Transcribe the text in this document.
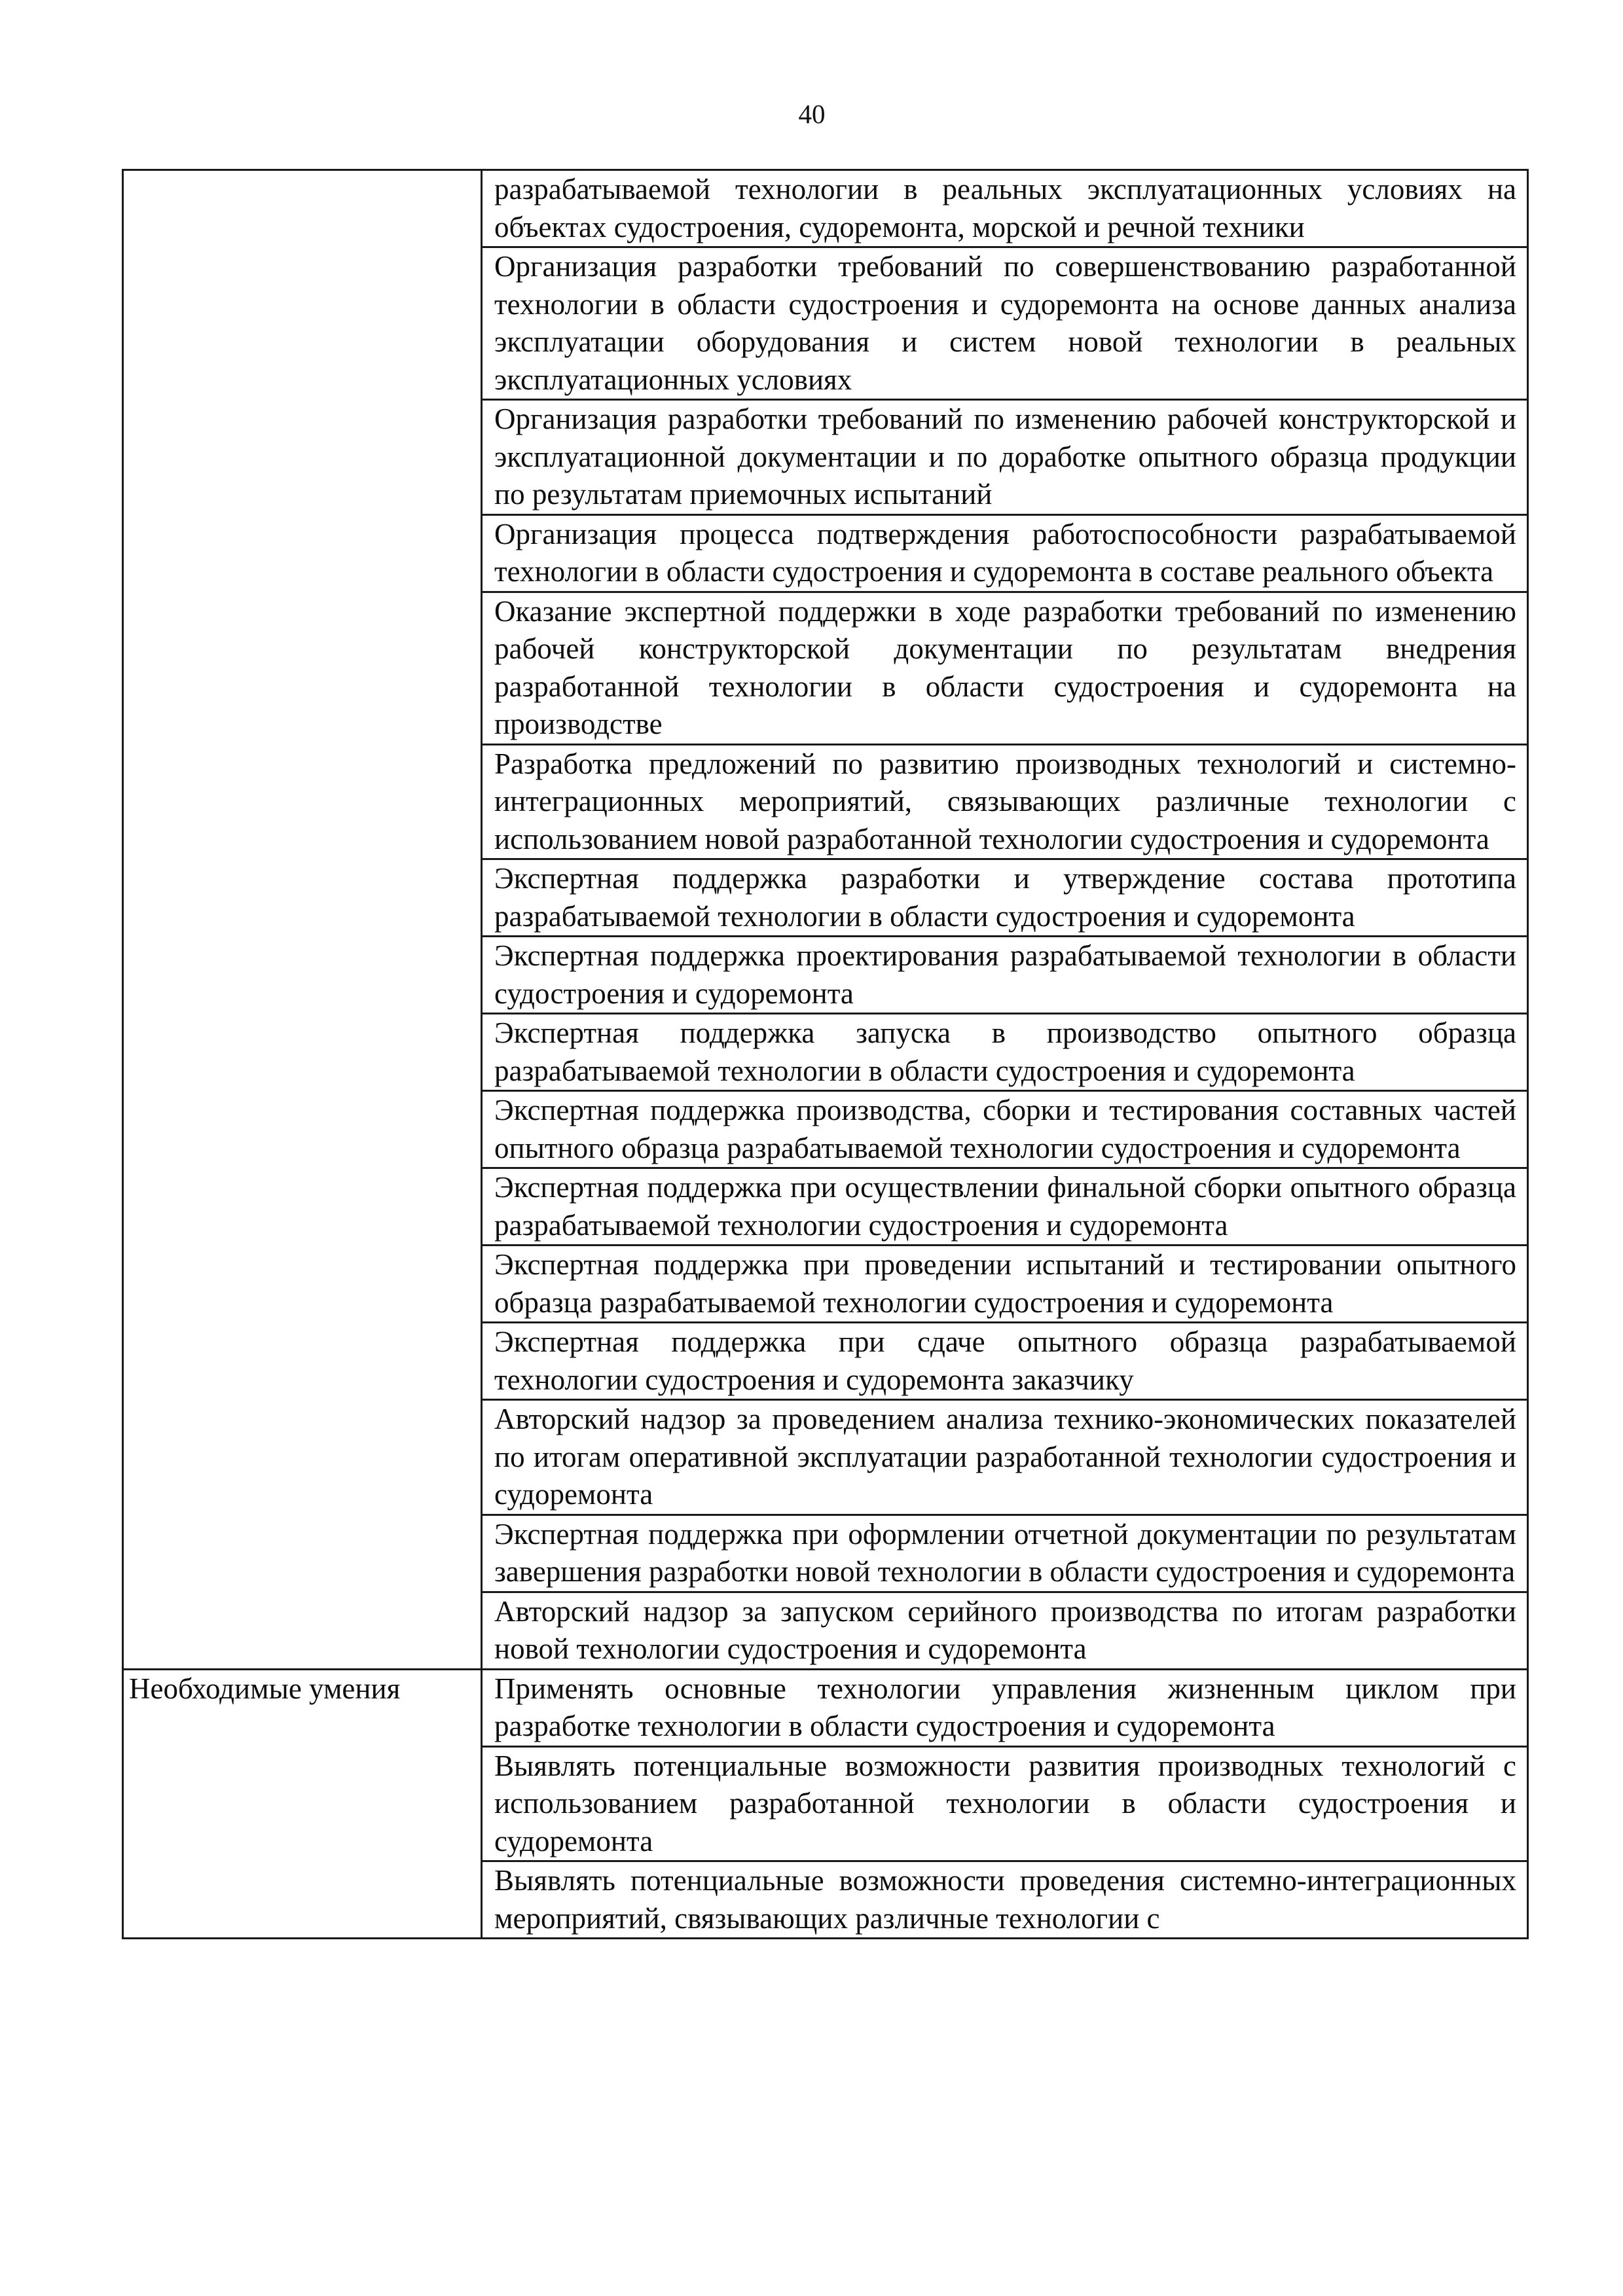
40
	разрабатываемой технологии в реальных эксплуатационных условиях на объектах судостроения, судоремонта, морской и речной техники
	Организация разработки требований по совершенствованию разработанной технологии в области судостроения и судоремонта на основе данных анализа эксплуатации оборудования и систем новой технологии в реальных эксплуатационных условиях
	Организация разработки требований по изменению рабочей конструкторской и эксплуатационной документации и по доработке опытного образца продукции по результатам приемочных испытаний
	Организация процесса подтверждения работоспособности разрабатываемой технологии в области судостроения и судоремонта в составе реального объекта
	Оказание экспертной поддержки в ходе разработки требований по изменению рабочей конструкторской документации по результатам внедрения разработанной технологии в области судостроения и судоремонта на производстве
	Разработка предложений по развитию производных технологий и системно-интеграционных мероприятий, связывающих различные технологии с использованием новой разработанной технологии судостроения и судоремонта
	Экспертная поддержка разработки и утверждение состава прототипа разрабатываемой технологии в области судостроения и судоремонта
	Экспертная поддержка проектирования разрабатываемой технологии в области судостроения и судоремонта
	Экспертная поддержка запуска в производство опытного образца разрабатываемой технологии в области судостроения и судоремонта
	Экспертная поддержка производства, сборки и тестирования составных частей опытного образца разрабатываемой технологии судостроения и судоремонта
	Экспертная поддержка при осуществлении финальной сборки опытного образца разрабатываемой технологии судостроения и судоремонта
	Экспертная поддержка при проведении испытаний и тестировании опытного образца разрабатываемой технологии судостроения и судоремонта
	Экспертная поддержка при сдаче опытного образца разрабатываемой технологии судостроения и судоремонта заказчику
	Авторский надзор за проведением анализа технико-экономических показателей по итогам оперативной эксплуатации разработанной технологии судостроения и судоремонта
	Экспертная поддержка при оформлении отчетной документации по результатам завершения разработки новой технологии в области судостроения и судоремонта
	Авторский надзор за запуском серийного производства по итогам разработки новой технологии судостроения и судоремонта

Необходимые умения	Применять основные технологии управления жизненным циклом при разработке технологии в области судостроения и судоремонта
	Выявлять потенциальные возможности развития производных технологий с использованием разработанной технологии в области судостроения и судоремонта
	Выявлять потенциальные возможности проведения системно-интеграционных мероприятий, связывающих различные технологии с
